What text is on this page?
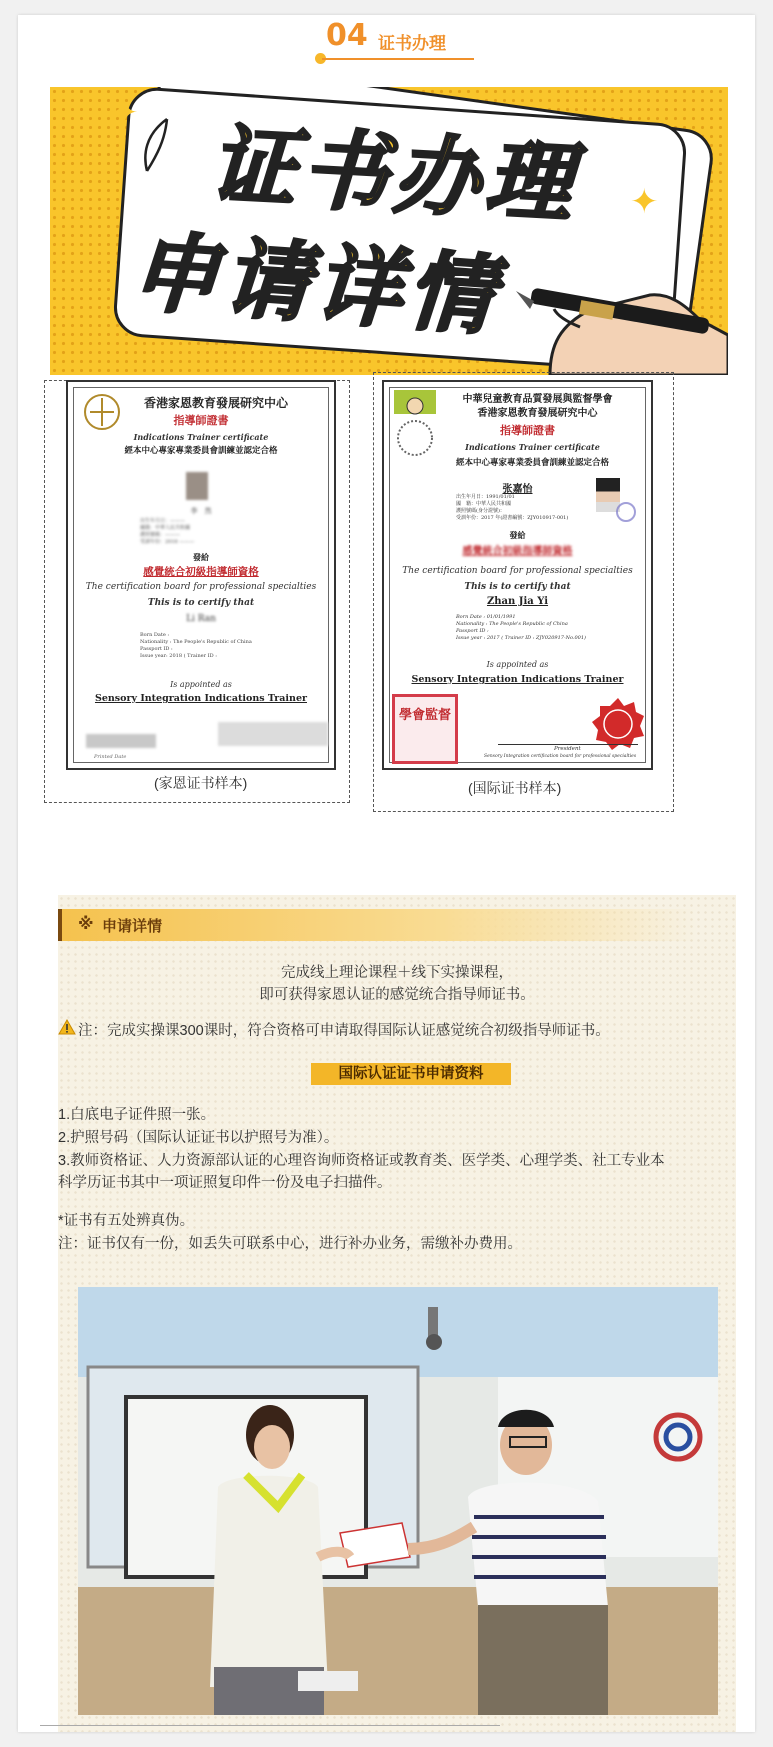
04 证书办理
✦
✦
证书办理
申请详情
香港家恩教育發展研究中心
指導師證書
Indications Trainer certificate
經本中心專家專業委員會訓練並認定合格
李　然
出生年月日：———
國籍：中華人民共和國
護照號碼：———
受訓年份：2018 ———
發給
感覺統合初級指導師資格
The certification board for professional specialties
This is to certify that
Li Ran
Born Date :
Nationality : The People's Republic of China
Passport ID :
Issue year: 2018 ( Trainer ID :
Is appointed as
Sensory Integration Indications Trainer
Printed Date
(家恩证书样本)
中華兒童教育品質發展與監督學會
香港家恩教育發展研究中心
指導師證書
Indications Trainer certificate
經本中心專家專業委員會訓練並認定合格
张嘉怡
出生年月日：1991/01/01
國　籍：中華人民共和國
護照號碼(身分證號)：
受訓年份：2017 年(證書編號：ZJY010917-001)
發給
感覺統合初級指導師資格
The certification board for professional specialties
This is to certify that
Zhan Jia Yi
Born Date : 01/01/1991
Nationality : The People's Republic of China
Passport ID :
Issue year : 2017 ( Trainer ID : ZJY020917-No.001)
Is appointed as
Sensory Integration Indications Trainer
學會監督
President
Sensory Integration certification board for professional specialties
(国际证书样本)
※ 申请详情
完成线上理论课程＋线下实操课程，
即可获得家恩认证的感觉统合指导师证书。
注：完成实操课300课时，符合资格可申请取得国际认证感觉统合初级指导师证书。
国际认证证书申请资料
1.白底电子证件照一张。
2.护照号码（国际认证证书以护照号为准）。
3.教师资格证、人力资源部认证的心理咨询师资格证或教育类、医学类、心理学类、社工专业本
科学历证书其中一项证照复印件一份及电子扫描件。
*证书有五处辨真伪。
注：证书仅有一份，如丢失可联系中心，进行补办业务，需缴补办费用。
